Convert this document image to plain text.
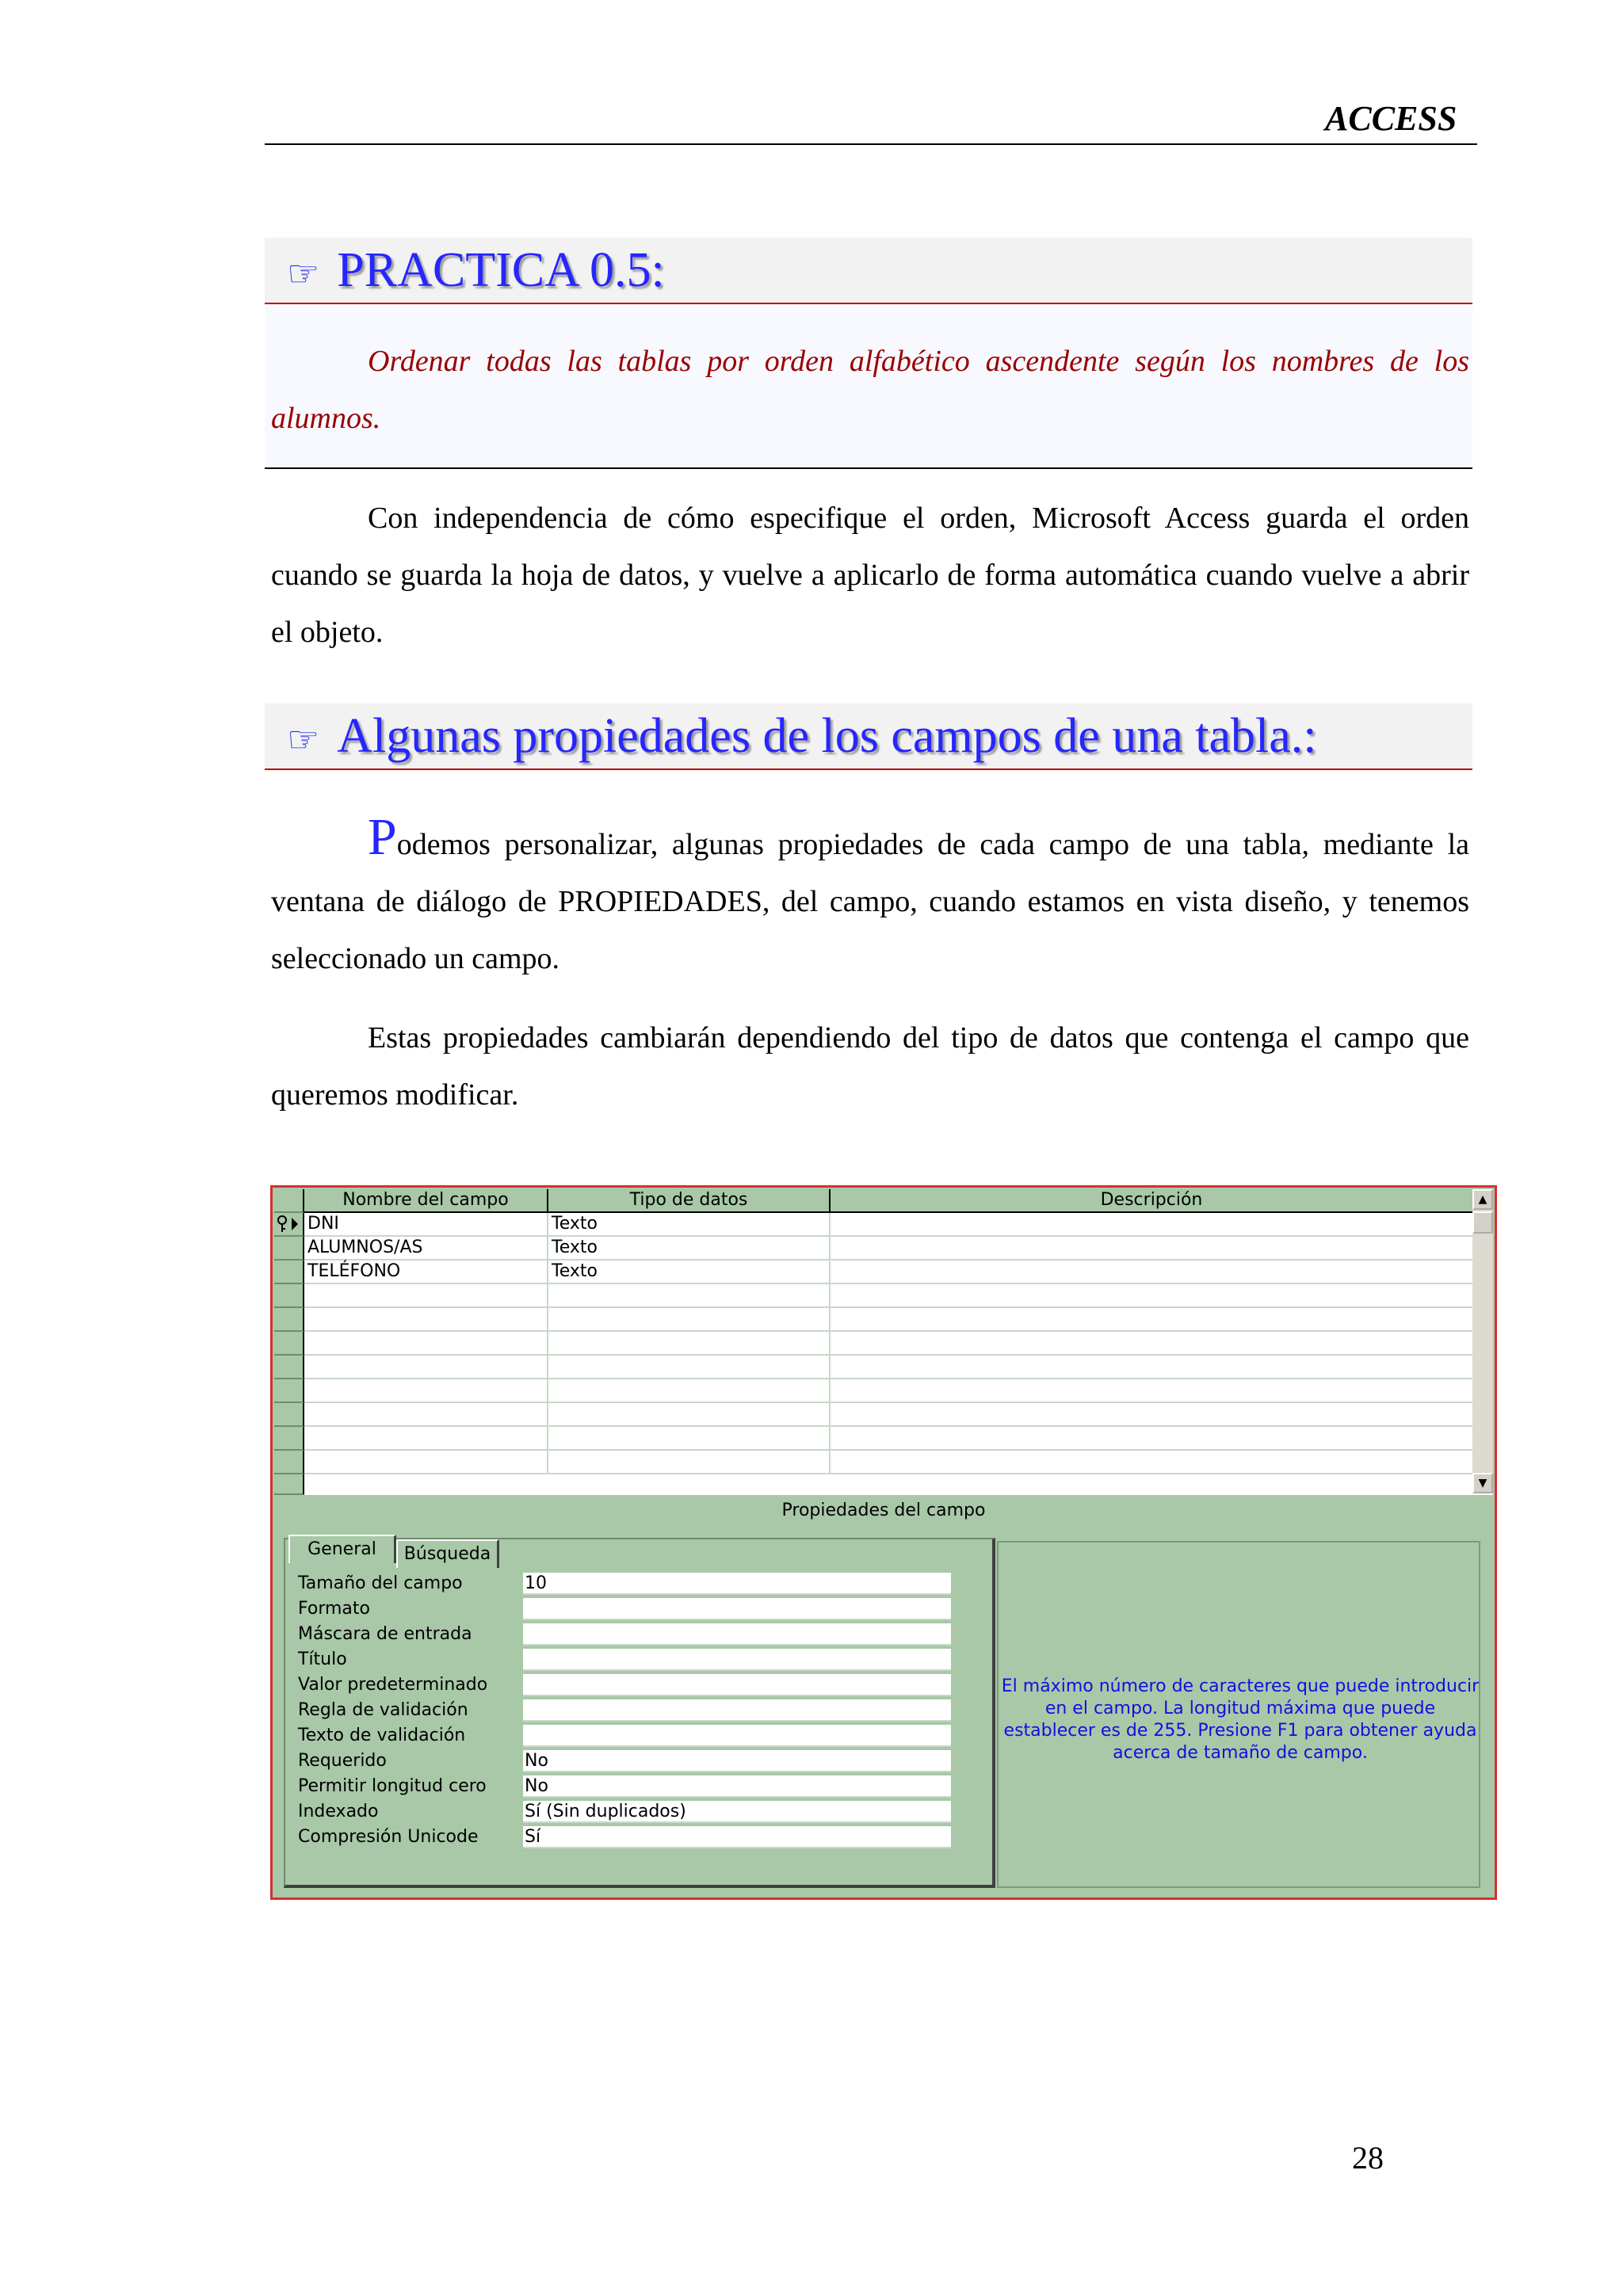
ACCESS
☞ PRACTICA 0.5:
Ordenar todas las tablas por orden alfabético ascendente según los nombres de los alumnos.
Con independencia de cómo especifique el orden, Microsoft Access guarda el orden cuando se guarda la hoja de datos, y vuelve a aplicarlo de forma automática cuando vuelve a abrir el objeto.
☞ Algunas propiedades de los campos de una tabla.:
Podemos personalizar, algunas propiedades de cada campo de una tabla, mediante la ventana de diálogo de PROPIEDADES, del campo, cuando estamos en vista diseño, y tenemos seleccionado un campo.
Estas propiedades cambiarán dependiendo del tipo de datos que contenga el campo que queremos modificar.
Nombre del campo	Tipo de datos	Descripción
DNI	Texto
ALUMNOS/AS	Texto
TELÉFONO	Texto
▲
▼
Propiedades del campo
General	Búsqueda
Tamaño del campo	10
Formato
Máscara de entrada
Título
Valor predeterminado
Regla de validación
Texto de validación
Requerido	No
Permitir longitud cero No
Indexado	Sí (Sin duplicados)
Compresión Unicode	Sí
El máximo número de caracteres que puede introducir en el campo. La longitud máxima que puede establecer es de 255. Presione F1 para obtener ayuda acerca de tamaño de campo.
28
